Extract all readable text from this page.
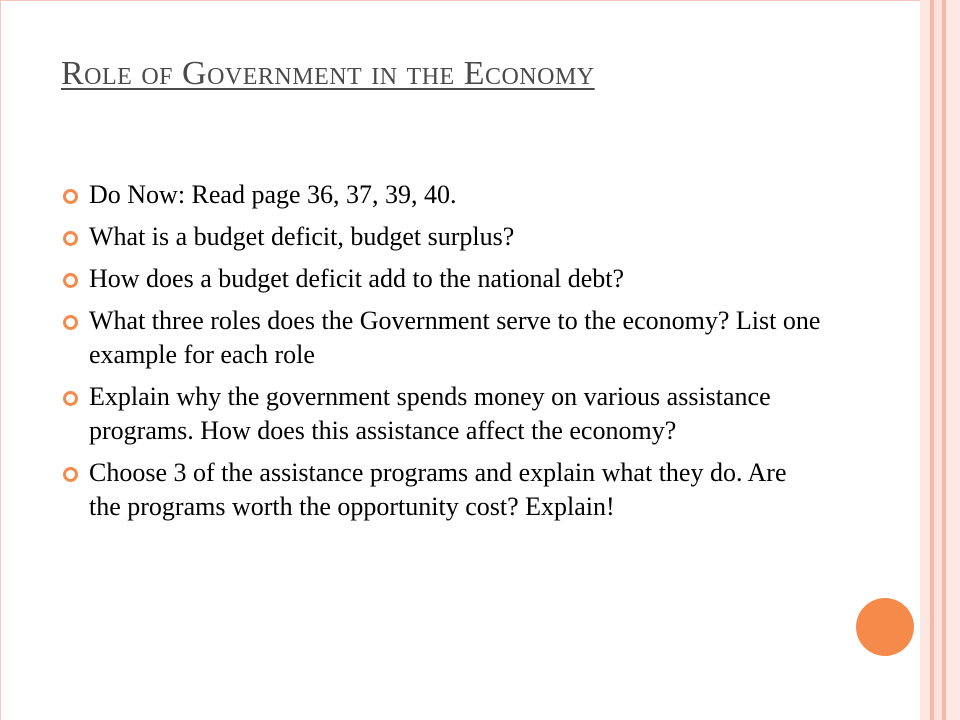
Role of Government in the Economy
Do Now: Read page 36, 37, 39, 40.
What is a budget deficit, budget surplus?
How does a budget deficit add to the national debt?
What three roles does the Government serve to the economy? List one example for each role
Explain why the government spends money on various assistance programs. How does this assistance affect the economy?
Choose 3 of the assistance programs and explain what they do. Are the programs worth the opportunity cost? Explain!
